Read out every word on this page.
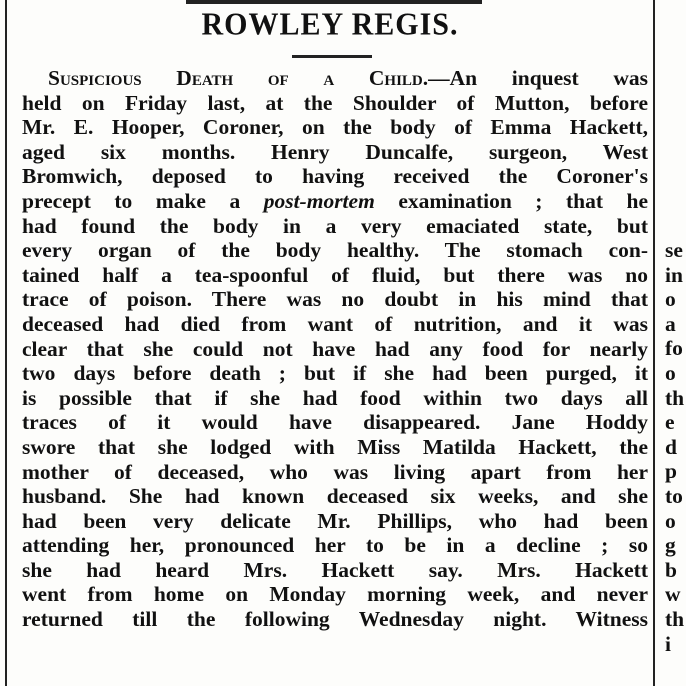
ROWLEY REGIS.
Suspicious Death of a Child.—An inquest was
held on Friday last, at the Shoulder of Mutton, before
Mr. E. Hooper, Coroner, on the body of Emma Hackett,
aged six months. Henry Duncalfe, surgeon, West
Bromwich, deposed to having received the Coroner's
precept to make a post-mortem examination ; that he
had found the body in a very emaciated state, but
every organ of the body healthy. The stomach con-
tained half a tea-spoonful of fluid, but there was no
trace of poison. There was no doubt in his mind that
deceased had died from want of nutrition, and it was
clear that she could not have had any food for nearly
two days before death ; but if she had been purged, it
is possible that if she had food within two days all
traces of it would have disappeared. Jane Hoddy
swore that she lodged with Miss Matilda Hackett, the
mother of deceased, who was living apart from her
husband. She had known deceased six weeks, and she
had been very delicate Mr. Phillips, who had been
attending her, pronounced her to be in a decline ; so
she had heard Mrs. Hackett say. Mrs. Hackett
went from home on Monday morning week, and never
returned till the following Wednesday night. Witness
se
in
o
a
fo
o
th
e
d
p
to
o
g
b
w
th
i
